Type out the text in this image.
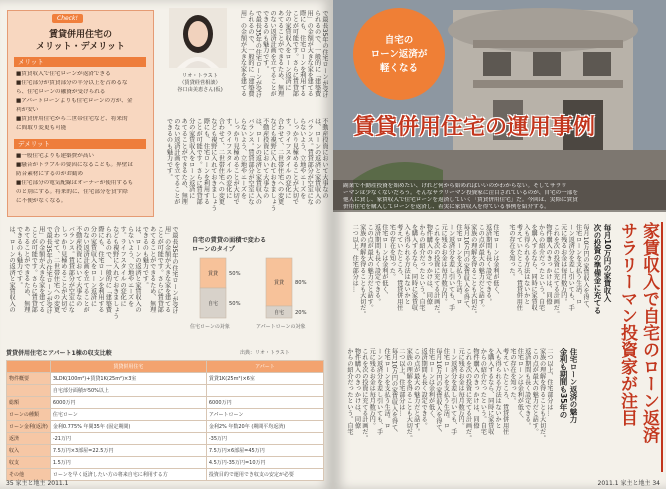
Check!
賃貸併用住宅の
メリット・デメリット
メリット
■賃貸収入で住宅ローンが返済できる
■住宅部分が賃貸部分の半分以上を占めるな
ら、住宅ローンの融資が受けられる
■アパートローンよりも住宅ローンの方が、金
利が安い
■賃貸併用住宅から二世帯住宅など、将来的
に間取り変更も可能
デメリット
■一般住宅よりも建築費が高い
■騒音がトラブルの要因になることも。界壁は
防音素材にするのがお勧め
■住宅部分の電気配線はオーナーが使用するも
のと別にする。将来的に、住宅部分を貸す際
に不便がなくなる。
リオ・トラスト
（賃貸経営相談）
谷口由美恵さん(仮)	で最長35年の住宅ローンが受け
られるので、一般的に「建築費
用」の金額が大きな家を建てる
際にも、住宅ローンを利用する
ことが可能です。さらに賃貸部
分の家賃収入をローン返済に
あてることができるため、無理
のない返済計画を立てることが
できるのも魅力です。
で最長35年の住宅ローンが受け
られるので、一般的に「建築費
用」の金額が大きな家を建てる
不動産投資において大事なの
は、ローンの返済と家賃収入の
バランス。賃貸部分が空室にな
らないよう、立地やニーズを
しっかり見極めることが大切で
す。ライフスタイルの変化に
合わせて、二世帯住宅への変更
なども視野に入れておきましょう
不動産投資において大事なの
は、ローンの返済と家賃収入の
バランス。賃貸部分が空室にな
らないよう、立地やニーズを
しっかり見極めることが大切で
す。ライフスタイルの変化に
合わせて、二世帯住宅への変更
なども視野に入れておきましょう
際にも、住宅ローンを利用する
ことが可能です。さらに賃貸部
分の家賃収入をローン返済に
あてることができるため、無理
のない返済計画を立てることが
できるのも魅力です。
で最長35年の住宅ローンが受け
用」の金額が大きな家を建てる
ことが可能です。さらに賃貸部
あてることができるため、無理
できるのも魅力です。
は、ローンの返済と家賃収入の
らないよう、立地やニーズを
す。ライフスタイルの変化に
なども視野に入れておきましょう
られるので、一般的に「建築費
際にも、住宅ローンを利用する
分の家賃収入をローン返済に
のない返済計画を立てることが
不動産投資において大事なの
バランス。賃貸部分が空室にな
しっかり見極めることが大切で
合わせて、二世帯住宅への変更
で最長35年の住宅ローンが受け
用」の金額が大きな家を建てる
ことが可能です。さらに賃貸部
あてることができるため、無理
できるのも魅力です。
は、ローンの返済と家賃収入の	自宅の賃貸の面積で変わる
ローンのタイプ
賃貸 50%
自宅 50%
賃貸 80%
自宅 20%
住宅ローンの対象	アパートローンの対象
賃貸併用住宅とアパート1棟の収支比較	出典：リオ・トラスト
	賃貸併用住宅	アパート
物件概要	3LDK(100m²)+賃貸1K(25m²)×3室	賃貸1K(25m²)×6室
	自宅部分面積が50%以上	
総額	6000万円	6000万円
ローンの種類	住宅ローン	アパートローン
ローン金利(返済)	金利0.775% 年間35年 (固定期間)	金利2% 年数20年 (期間平均返済)
返済	-21万円	-35万円
収入	7.5万円×3部屋=22.5万円	7.5万円×6部屋=45万円
収支	1.5万円	4.5万円-35万円=10万円
その他	ローンを早く返済したい方の将来自宅に利用する方	投資目的で運用でき収支の安定が必要
35 家主と地主 2011.1
自宅の
ローン返済が
軽くなる
賃貸併用住宅の運用事例
副業で不動産投資を始めたい、けれど何から始めればいいのかわからない。そしてサラリ
ーマンは少なくないだろう。そんなサラリーマン投資家に注目されているのが、自宅の一部を
他人に貸し、家賃収入で住宅ローンを返済していく「賃貸併用住宅」だ。今回は、実際に賃貸
併用住宅を購入してローンを返済し、着実に家賃収入を得ている事例を紹介する。
家賃収入で自宅のローン返済
サラリーマン投資家が注目
毎月10万円の家賃収入
次の投資の準備金に充てる
毎月10万円の家賃収入を得て、
住宅ローンを支払う生活。ロ
ーン返済分を差し引いても、手
元に残るお金は毎月数万円。
これを次の投資に充てる計画だ。
物件購入のきっかけは、同僚
からの紹介だったという。自宅
を購入するなら、同時に家賃収
入も得られる方法はないかと
考えていたところ、賃貸併用住
宅の存在を知った。
住宅ローンは金利が低く、
返済期間も長く設定できる。
この点が最大の魅力だと話す。
家族の理解を得ることも大切だ。
毎月10万円の家賃収入を得て、
住宅ローンを支払う生活。ロ
ーン返済分を差し引いても、手
元に残るお金は毎月数万円。
これを次の投資に充てる計画だ。
物件購入のきっかけは、同僚
からの紹介だったという。自宅
を購入するなら、同時に家賃収
入も得られる方法はないかと
考えていたところ、賃貸併用住
宅の存在を知った。
住宅ローンは金利が低く、
返済期間も長く設定できる。
この点が最大の魅力だと話す。
家族の理解を得ることも大切だ。
二つ以上、住宅部分は…
住宅ローン返済の魅力
金利も期間も35年の
二つ以上、住宅部分は…
家族の理解を得ることも大切だ。
この点が最大の魅力だと話す。
返済期間も長く設定できる。
住宅ローンは金利が低く、
宅の存在を知った。
考えていたところ、賃貸併用住
入も得られる方法はないかと
を購入するなら、同時に家賃収
からの紹介だったという。自宅
物件購入のきっかけは、同僚
これを次の投資に充てる計画だ。
元に残るお金は毎月数万円。
ーン返済分を差し引いても、手
住宅ローンを支払う生活。ロ
毎月10万円の家賃収入を得て、
住宅ローンは金利が低く、
返済期間も長く設定できる。
この点が最大の魅力だと話す。
家族の理解を得ることも大切だ。
二つ以上、住宅部分は…
毎月10万円の家賃収入を得て、
住宅ローンを支払う生活。ロ
ーン返済分を差し引いても、手
元に残るお金は毎月数万円。
これを次の投資に充てる計画だ。
物件購入のきっかけは、同僚
からの紹介だったという。自宅
2011.1 家主と地主 34
